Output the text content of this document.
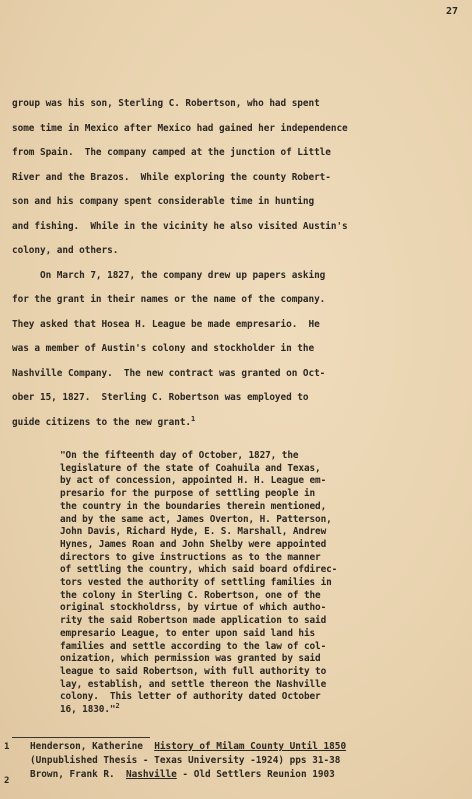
27
group was his son, Sterling C. Robertson, who had spent
some time in Mexico after Mexico had gained her independence
from Spain.  The company camped at the junction of Little
River and the Brazos.  While exploring the county Robert-
son and his company spent considerable time in hunting
and fishing.  While in the vicinity he also visited Austin's
colony, and others.
On March 7, 1827, the company drew up papers asking
for the grant in their names or the name of the company.
They asked that Hosea H. League be made empresario.  He
was a member of Austin's colony and stockholder in the
Nashville Company.  The new contract was granted on Oct-
ober 15, 1827.  Sterling C. Robertson was employed to
guide citizens to the new grant.$^1$
"On the fifteenth day of October, 1827, the
legislature of the state of Coahuila and Texas,
by act of concession, appointed H. H. League em-
presario for the purpose of settling people in
the country in the boundaries therein mentioned,
and by the same act, James Overton, H. Patterson,
John Davis, Richard Hyde, E. S. Marshall, Andrew
Hynes, James Roan and John Shelby were appointed
directors to give instructions as to the manner
of settling the country, which said board ofdirec-
tors vested the authority of settling families in
the colony in Sterling C. Robertson, one of the
original stockholdrss, by virtue of which autho-
rity the said Robertson made application to said
empresario League, to enter upon said land his
families and settle according to the law of col-
onization, which permission was granted by said
league to said Robertson, with full authority to
lay, establish, and settle thereon the Nashville
colony.  This letter of authority dated October
16, 1830."$^2$
1 Henderson, Katherine  History of Milam County Until 1850
(Unpublished Thesis - Texas University -1924) pps 31-38
2
Brown, Frank R.  Nashville - Old Settlers Reunion 1903
